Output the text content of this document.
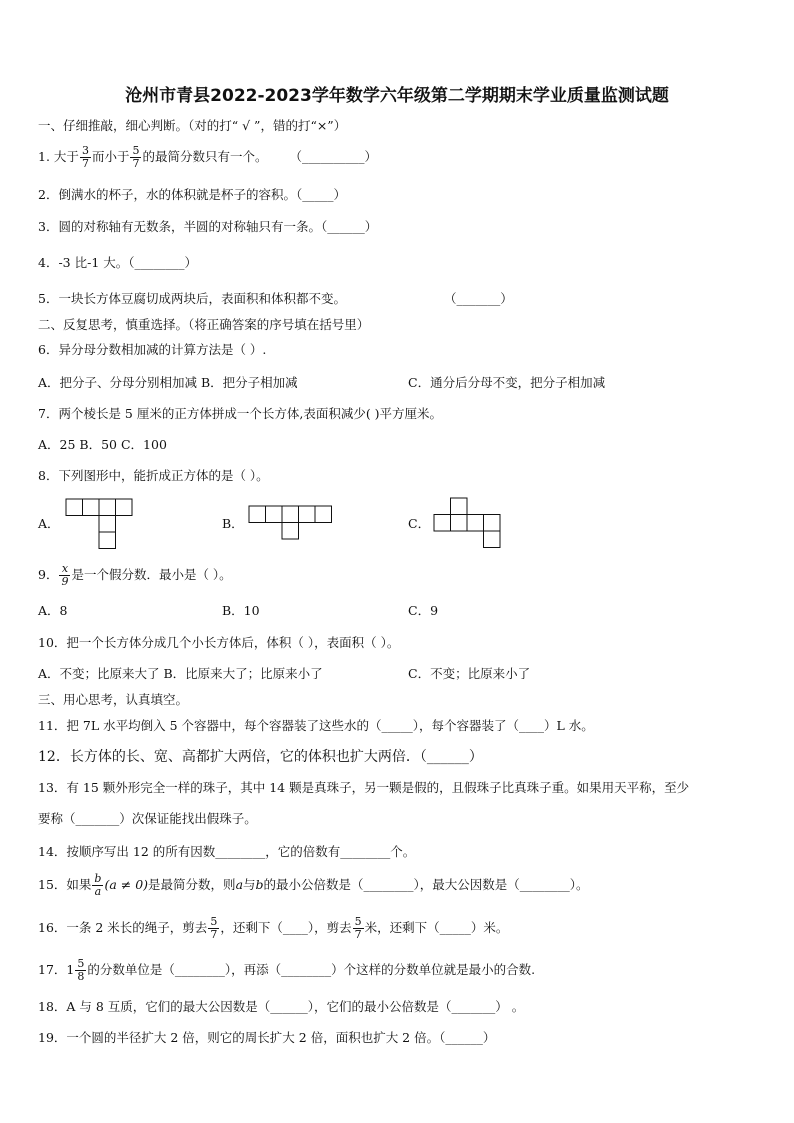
沧州市青县2022-2023学年数学六年级第二学期期末学业质量监测试题
一、仔细推敲，细心判断。（对的打“ √ ”，错的打“×”）
1. 大于 $\frac{3}{7}$ 而小于 $\frac{5}{7}$ 的最简分数只有一个。 （__________）
2．倒满水的杯子，水的体积就是杯子的容积。（_____）
3．圆的对称轴有无数条，半圆的对称轴只有一条。（______）
4．-3 比-1 大。（________）
5．一块长方体豆腐切成两块后，表面积和体积都不变。	（_______）
二、反复思考，慎重选择。（将正确答案的序号填在括号里）
6．异分母分数相加减的计算方法是（ ）.
A．把分子、分母分别相加减 B．把分子相加减	C．通分后分母不变，把分子相加减
7．两个棱长是 5 厘米的正方体拼成一个长方体,表面积减少( )平方厘米。
A．25 B．50 C．100
8．下列图形中，能折成正方体的是（ ）。
A．	B．	C．
9． $\frac{x}{9}$ 是一个假分数．最小是（ ）。
A．8	B．10	C．9
10．把一个长方体分成几个小长方体后，体积（ ），表面积（ ）。
A．不变；比原来大了 B．比原来大了；比原来小了	C．不变；比原来小了
三、用心思考，认真填空。
11．把 7L 水平均倒入 5 个容器中，每个容器装了这些水的（_____），每个容器装了（____）L 水。
12．长方体的长、宽、高都扩大两倍，它的体积也扩大两倍．（______）
13．有 15 颗外形完全一样的珠子，其中 14 颗是真珠子，另一颗是假的，且假珠子比真珠子重。如果用天平称，至少
要称（_______）次保证能找出假珠子。
14．按顺序写出 12 的所有因数________，它的倍数有________个。
15．如果 $\frac{b}{a} (a \ne 0)$是最简分数，则a与b的最小公倍数是（________），最大公因数是（________）。
16．一条 2 米长的绳子，剪去 $\frac{5}{7}$ ，还剩下（____），剪去 $\frac{5}{7}$ 米，还剩下（_____）米。
17．$1 \frac{5}{8}$ 的分数单位是（________），再添（________）个这样的分数单位就是最小的合数.
18．A 与 8 互质，它们的最大公因数是（______），它们的最小公倍数是（_______） 。
19．一个圆的半径扩大 2 倍，则它的周长扩大 2 倍，面积也扩大 2 倍。（______）
